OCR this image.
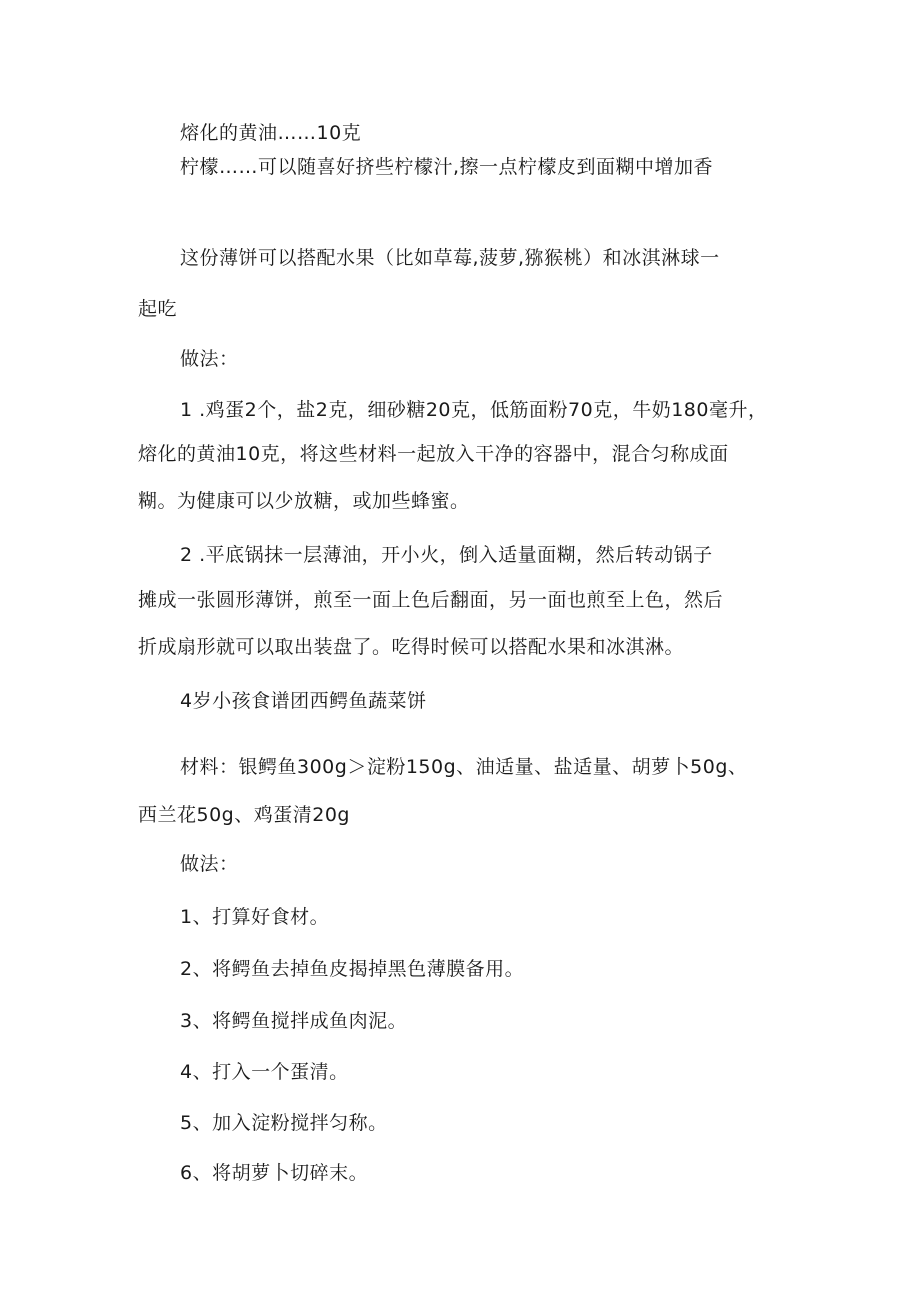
熔化的黄油……10克
柠檬……可以随喜好挤些柠檬汁,擦一点柠檬皮到面糊中增加香
这份薄饼可以搭配水果（比如草莓,菠萝,猕猴桃）和冰淇淋球一
起吃
做法：
1 .鸡蛋2个，盐2克，细砂糖20克，低筋面粉70克，牛奶180毫升，
熔化的黄油10克，将这些材料一起放入干净的容器中，混合匀称成面
糊。为健康可以少放糖，或加些蜂蜜。
2 .平底锅抹一层薄油，开小火，倒入适量面糊，然后转动锅子
摊成一张圆形薄饼，煎至一面上色后翻面，另一面也煎至上色，然后
折成扇形就可以取出装盘了。吃得时候可以搭配水果和冰淇淋。
4岁小孩食谱团西鳄鱼蔬菜饼
材料：银鳄鱼300g＞淀粉150g、油适量、盐适量、胡萝卜50g、
西兰花50g、鸡蛋清20g
做法：
1、打算好食材。
2、将鳄鱼去掉鱼皮揭掉黑色薄膜备用。
3、将鳄鱼搅拌成鱼肉泥。
4、打入一个蛋清。
5、加入淀粉搅拌匀称。
6、将胡萝卜切碎末。
